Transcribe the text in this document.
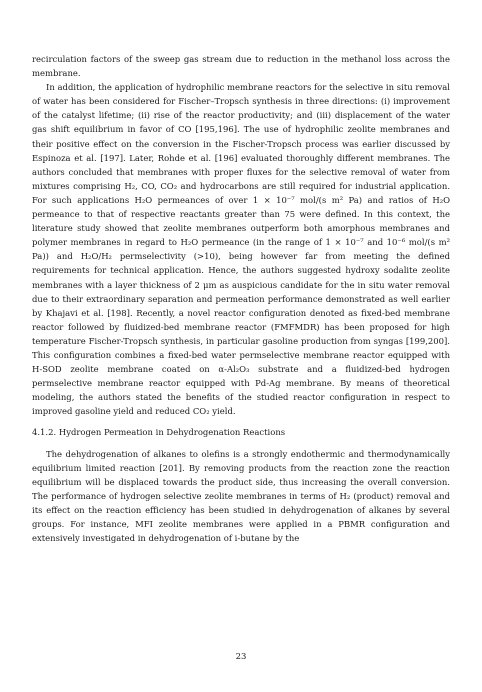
recirculation factors of the sweep gas stream due to reduction in the methanol loss across the membrane.

In addition, the application of hydrophilic membrane reactors for the selective in situ removal of water has been considered for Fischer–Tropsch synthesis in three directions: (i) improvement of the catalyst lifetime; (ii) rise of the reactor productivity; and (iii) displacement of the water gas shift equilibrium in favor of CO [195,196]. The use of hydrophilic zeolite membranes and their positive effect on the conversion in the Fischer-Tropsch process was earlier discussed by Espinoza et al. [197]. Later, Rohde et al. [196] evaluated thoroughly different membranes. The authors concluded that membranes with proper fluxes for the selective removal of water from mixtures comprising H₂, CO, CO₂ and hydrocarbons are still required for industrial application. For such applications H₂O permeances of over 1 × 10⁻⁷ mol/(s m² Pa) and ratios of H₂O permeance to that of respective reactants greater than 75 were defined. In this context, the literature study showed that zeolite membranes outperform both amorphous membranes and polymer membranes in regard to H₂O permeance (in the range of 1 × 10⁻⁷ and 10⁻⁶ mol/(s m² Pa)) and H₂O/H₂ permselectivity (>10), being however far from meeting the defined requirements for technical application. Hence, the authors suggested hydroxy sodalite zeolite membranes with a layer thickness of 2 μm as auspicious candidate for the in situ water removal due to their extraordinary separation and permeation performance demonstrated as well earlier by Khajavi et al. [198]. Recently, a novel reactor configuration denoted as fixed-bed membrane reactor followed by fluidized-bed membrane reactor (FMFMDR) has been proposed for high temperature Fischer-Tropsch synthesis, in particular gasoline production from syngas [199,200]. This configuration combines a fixed-bed water permselective membrane reactor equipped with H-SOD zeolite membrane coated on α-Al₂O₃ substrate and a fluidized-bed hydrogen permselective membrane reactor equipped with Pd-Ag membrane. By means of theoretical modeling, the authors stated the benefits of the studied reactor configuration in respect to improved gasoline yield and reduced CO₂ yield.

4.1.2. Hydrogen Permeation in Dehydrogenation Reactions

The dehydrogenation of alkanes to olefins is a strongly endothermic and thermodynamically equilibrium limited reaction [201]. By removing products from the reaction zone the reaction equilibrium will be displaced towards the product side, thus increasing the overall conversion. The performance of hydrogen selective zeolite membranes in terms of H₂ (product) removal and its effect on the reaction efficiency has been studied in dehydrogenation of alkanes by several groups. For instance, MFI zeolite membranes were applied in a PBMR configuration and extensively investigated in dehydrogenation of i-butane by the

23
